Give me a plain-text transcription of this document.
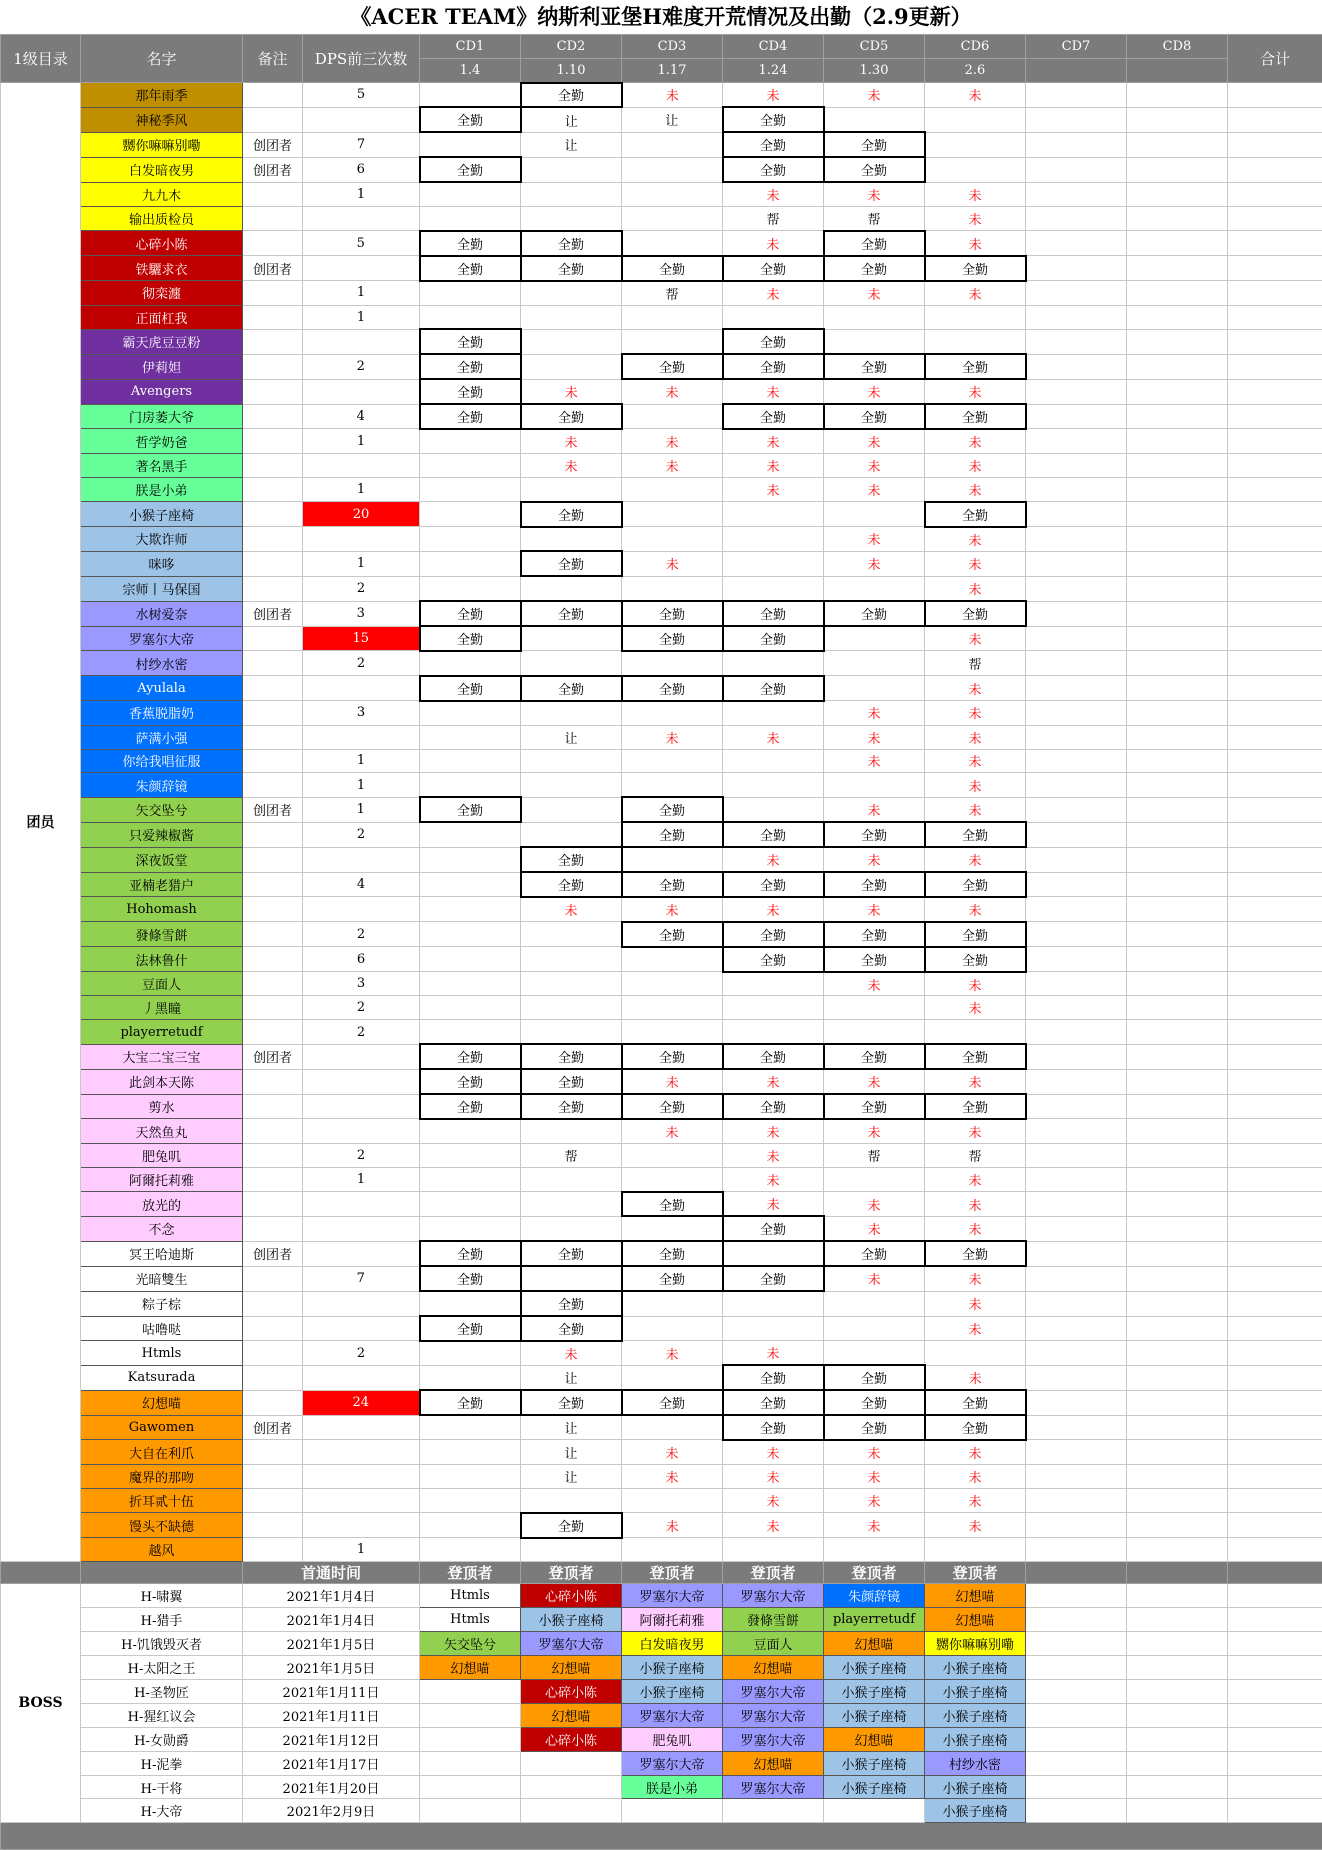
《ACER TEAM》纳斯利亚堡H难度开荒情况及出勤（2.9更新）
1级目录	名字	备注	DPS前三次数	CD1	CD2	CD3	CD4	CD5	CD6	CD7	CD8	合计
				1.4	1.10	1.17	1.24	1.30	2.6			
团员	那年雨季		5		全勤	未	未	未	未			
	神秘季风			全勤	让	让	全勤					
	嬲你嘛嘛别嘞	创团者	7		让		全勤	全勤				
	白发暗夜男	创团者	6	全勤			全勤	全勤				
	九九木		1				未	未	未			
	输出质检员						帮	帮	未			
	心碎小陈		5	全勤	全勤		未	全勤	未			
	铁驪求衣	创团者		全勤	全勤	全勤	全勤	全勤	全勤			
	彻栾瀍		1			帮	未	未	未			
	正面杠我		1									
	霸天虎豆豆粉			全勤			全勤					
	伊莉妲		2	全勤		全勤	全勤	全勤	全勤			
	Avengers			全勤	未	未	未	未	未			
	门房萎大爷		4	全勤	全勤		全勤	全勤	全勤			
	哲学奶爸		1		未	未	未	未	未			
	著名黑手				未	未	未	未	未			
	朕是小弟		1				未	未	未			
	小猴子座椅		20		全勤				全勤			
	大欺诈师							未	未			
	咪哆		1		全勤	未		未	未			
	宗师丨马保国		2						未			
	水树爱奈	创团者	3	全勤	全勤	全勤	全勤	全勤	全勤			
	罗塞尔大帝		15	全勤		全勤	全勤		未			
	村纱水密		2						帮			
	Ayulala			全勤	全勤	全勤	全勤		未			
	香蕉脱脂奶		3					未	未			
	萨满小强				让	未	未	未	未			
	你给我唱征服		1					未	未			
	朱颜辞镜		1						未			
	矢交坠兮	创团者	1	全勤		全勤		未	未			
	只爱辣椒酱		2			全勤	全勤	全勤	全勤			
	深夜饭堂				全勤		未	未	未			
	亚楠老猎户		4		全勤	全勤	全勤	全勤	全勤			
	Hohomash				未	未	未	未	未			
	發條雪餅		2			全勤	全勤	全勤	全勤			
	法林鲁什		6				全勤	全勤	全勤			
	豆面人		3					未	未			
	丿黑瞳		2						未			
	playerretudf		2									
	大宝二宝三宝	创团者		全勤	全勤	全勤	全勤	全勤	全勤			
	此剑本天陈			全勤	全勤	未	未	未	未			
	剪水			全勤	全勤	全勤	全勤	全勤	全勤			
	天然鱼丸					未	未	未	未			
	肥兔叽		2		帮		未	帮	帮			
	阿爾托莉雅		1				未		未			
	放光的					全勤	未	未	未			
	不念						全勤	未	未			
	冥王哈迪斯	创团者		全勤	全勤	全勤		全勤	全勤			
	光暗雙生		7	全勤		全勤	全勤	未	未			
	粽子棕				全勤				未			
	咕噜哒			全勤	全勤				未			
	Htmls		2		未	未	未					
	Katsurada				让		全勤	全勤	未			
	幻想喵		24	全勤	全勤	全勤	全勤	全勤	全勤			
	Gawomen	创团者			让		全勤	全勤	全勤			
	大自在利爪				让	未	未	未	未			
	魔界的那吻				让	未	未	未	未			
	折耳贰十伍						未	未	未			
	馒头不缺德				全勤	未	未	未	未			
	越风		1									
		首通时间		登顶者	登顶者	登顶者	登顶者	登顶者	登顶者			
BOSS	H-啸翼	2021年1月4日		Htmls	心碎小陈	罗塞尔大帝	罗塞尔大帝	朱颜辞镜	幻想喵			
	H-猎手	2021年1月4日		Htmls	小猴子座椅	阿爾托莉雅	發條雪餅	playerretudf	幻想喵			
	H-饥饿毁灭者	2021年1月5日		矢交坠兮	罗塞尔大帝	白发暗夜男	豆面人	幻想喵	嬲你嘛嘛别嘞			
	H-太阳之王	2021年1月5日		幻想喵	幻想喵	小猴子座椅	幻想喵	小猴子座椅	小猴子座椅			
	H-圣物匠	2021年1月11日			心碎小陈	小猴子座椅	罗塞尔大帝	小猴子座椅	小猴子座椅			
	H-猩红议会	2021年1月11日			幻想喵	罗塞尔大帝	罗塞尔大帝	小猴子座椅	小猴子座椅			
	H-女勋爵	2021年1月12日			心碎小陈	肥兔叽	罗塞尔大帝	幻想喵	小猴子座椅			
	H-泥拳	2021年1月17日				罗塞尔大帝	幻想喵	小猴子座椅	村纱水密			
	H-干将	2021年1月20日				朕是小弟	罗塞尔大帝	小猴子座椅	小猴子座椅			
	H-大帝	2021年2月9日							小猴子座椅			
